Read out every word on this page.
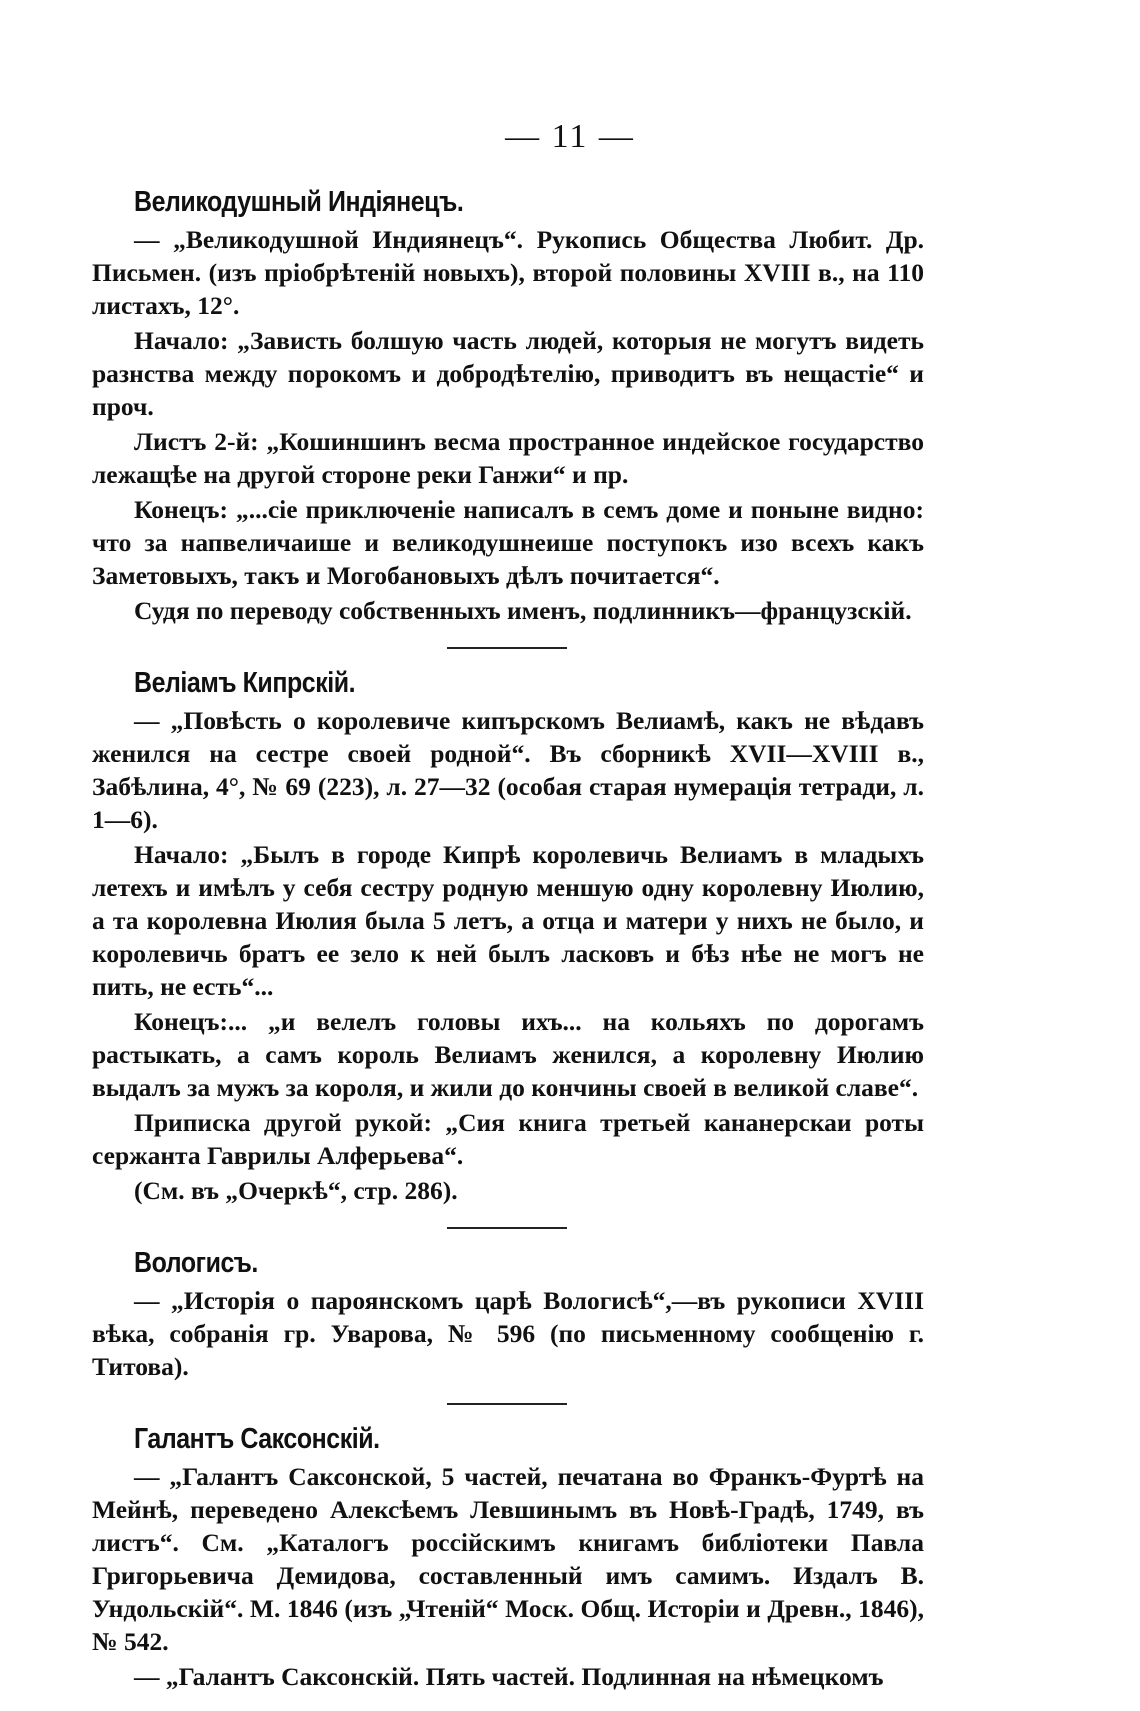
— 11 —
Великодушный Индіянецъ.

— „Великодушной Индиянецъ“. Рукопись Общества Любит. Др. Письмен. (изъ пріобрѣтеній новыхъ), второй половины XVIII в., на 110 листахъ, 12°.

Начало: „Зависть болшую часть людей, которыя не могутъ видеть разнства между порокомъ и добродѣтелію, приводитъ въ нещастіе“ и проч.

Листъ 2-й: „Кошиншинъ весма пространное индейское государство лежащѣе на другой стороне реки Ганжи“ и пр.

Конецъ: „...сіе приключеніе написалъ в семъ доме и поныне видно: что за напвеличаише и великодушнеише поступокъ изо всехъ какъ Заметовыхъ, такъ и Могобановыхъ дѣлъ почитается“.

Судя по переводу собственныхъ именъ, подлинникъ—французскій.

Веліамъ Кипрскій.

— „Повѣсть о королевиче кипърскомъ Велиамѣ, какъ не вѣдавъ женился на сестре своей родной“. Въ сборникѣ XVII—XVIII в., Забѣлина, 4°, № 69 (223), л. 27—32 (особая старая нумерація тетради, л. 1—6).

Начало: „Былъ в городе Кипрѣ королевичь Велиамъ в младыхъ летехъ и имѣлъ у себя сестру родную меншую одну королевну Июлию, а та королевна Июлия была 5 летъ, а отца и матери у нихъ не было, и королевичь братъ ее зело к ней былъ ласковъ и бѣз нѣе не могъ не пить, не есть“...

Конецъ:... „и велелъ головы ихъ... на кольяхъ по дорогамъ растыкать, а самъ король Велиамъ женился, а королевну Июлию выдалъ за мужъ за короля, и жили до кончины своей в великой славе“.

Приписка другой рукой: „Сия книга третьей кананерскаи роты сержанта Гаврилы Алферьева“.

(См. въ „Очеркѣ“, стр. 286).

Вологисъ.

— „Исторія о пароянскомъ царѣ Вологисѣ“,—въ рукописи XVIII вѣка, собранія гр. Уварова, № 596 (по письменному сообщенію г. Титова).

Галантъ Саксонскій.

— „Галантъ Саксонской, 5 частей, печатана во Франкъ-Фуртѣ на Мейнѣ, переведено Алексѣемъ Левшинымъ въ Новѣ-Градѣ, 1749, въ листъ“. См. „Каталогъ россійскимъ книгамъ библіотеки Павла Григорьевича Демидова, составленный имъ самимъ. Издалъ В. Ундольскій“. М. 1846 (изъ „Чтеній“ Моск. Общ. Исторіи и Древн., 1846), № 542.

— „Галантъ Саксонскій. Пять частей. Подлинная на нѣмецкомъ
